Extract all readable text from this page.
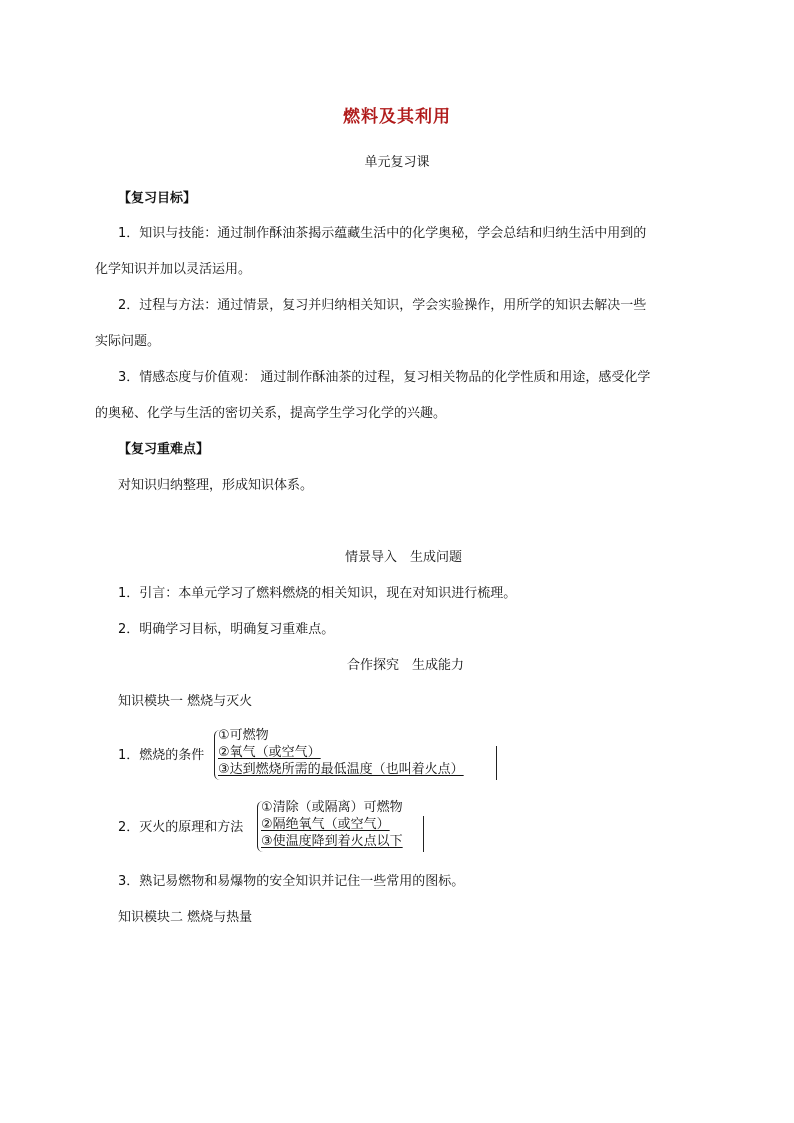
燃料及其利用
单元复习课
【复习目标】
1．知识与技能：通过制作酥油茶揭示蕴藏生活中的化学奥秘，学会总结和归纳生活中用到的
化学知识并加以灵活运用。
2．过程与方法：通过情景，复习并归纳相关知识，学会实验操作，用所学的知识去解决一些
实际问题。
3．情感态度与价值观： 通过制作酥油茶的过程，复习相关物品的化学性质和用途，感受化学
的奥秘、化学与生活的密切关系，提高学生学习化学的兴趣。
【复习重难点】
对知识归纳整理，形成知识体系。
情景导入　生成问题
1．引言：本单元学习了燃料燃烧的相关知识，现在对知识进行梳理。
2．明确学习目标，明确复习重难点。
合作探究　生成能力
知识模块一 燃烧与灭火
1．燃烧的条件
①可燃物
②氧气（或空气）
③达到燃烧所需的最低温度（也叫着火点）
2．灭火的原理和方法
①清除（或隔离）可燃物
②隔绝氧气（或空气）
③使温度降到着火点以下
3．熟记易燃物和易爆物的安全知识并记住一些常用的图标。
知识模块二 燃烧与热量
